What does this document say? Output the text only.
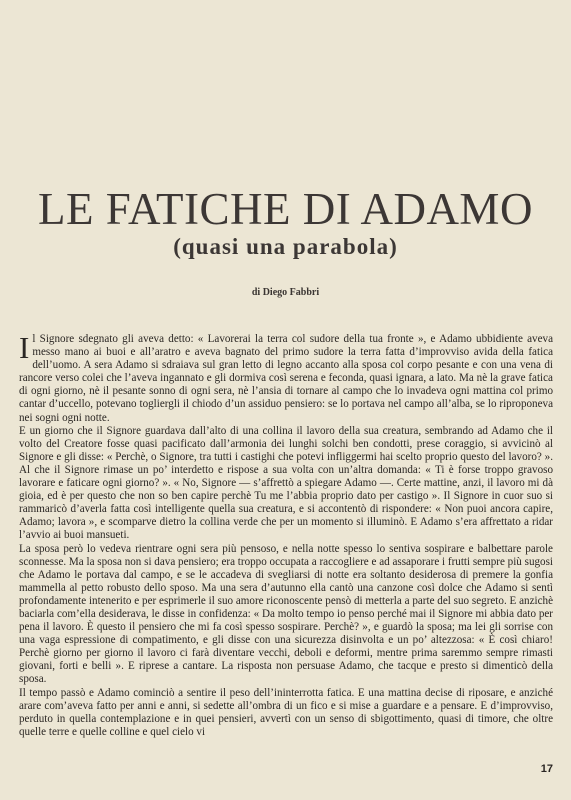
LE FATICHE DI ADAMO
(quasi una parabola)
di Diego Fabbri

Il Signore sdegnato gli aveva detto: « Lavorerai la terra col sudore della tua fronte », e Adamo ubbidiente aveva messo mano ai buoi e all’aratro e aveva bagnato del primo sudore la terra fatta d’improvviso avida della fatica dell’uomo. A sera Adamo si sdraiava sul gran letto di legno accanto alla sposa col corpo pesante e con una vena di rancore verso colei che l’aveva ingannato e gli dormiva così serena e feconda, quasi ignara, a lato. Ma nè la grave fatica di ogni giorno, nè il pesante sonno di ogni sera, nè l’ansia di tornare al campo che lo invadeva ogni mattina col primo cantar d’uccello, potevano togliergli il chiodo d’un assiduo pensiero: se lo portava nel campo all’alba, se lo riproponeva nei sogni ogni notte.

E un giorno che il Signore guardava dall’alto di una collina il lavoro della sua creatura, sembrando ad Adamo che il volto del Creatore fosse quasi pacificato dall’armonia dei lunghi solchi ben condotti, prese coraggio, si avvicinò al Signore e gli disse: « Perchè, o Signore, tra tutti i castighi che potevi infliggermi hai scelto proprio questo del lavoro? ». Al che il Signore rimase un po’ interdetto e rispose a sua volta con un’altra domanda: « Ti è forse troppo gravoso lavorare e faticare ogni giorno? ». « No, Signore — s’affrettò a spiegare Adamo —. Certe mattine, anzi, il lavoro mi dà gioia, ed è per questo che non so ben capire perchè Tu me l’abbia proprio dato per castigo ». Il Signore in cuor suo si rammaricò d’averla fatta così intelligente quella sua creatura, e si accontentò di rispondere: « Non puoi ancora capire, Adamo; lavora », e scomparve dietro la collina verde che per un momento si illuminò. E Adamo s’era affrettato a ridar l’avvio ai buoi mansueti.

La sposa però lo vedeva rientrare ogni sera più pensoso, e nella notte spesso lo sentiva sospirare e balbettare parole sconnesse. Ma la sposa non si dava pensiero; era troppo occupata a raccogliere e ad assaporare i frutti sempre più sugosi che Adamo le portava dal campo, e se le accadeva di svegliarsi di notte era soltanto desiderosa di premere la gonfia mammella al petto robusto dello sposo. Ma una sera d’autunno ella cantò una canzone così dolce che Adamo si sentì profondamente intenerito e per esprimerle il suo amore riconoscente pensò di metterla a parte del suo segreto. E anzichè baciarla com’ella desiderava, le disse in confidenza: « Da molto tempo io penso perché mai il Signore mi abbia dato per pena il lavoro. È questo il pensiero che mi fa così spesso sospirare. Perchè? », e guardò la sposa; ma lei gli sorrise con una vaga espressione di compatimento, e gli disse con una sicurezza disinvolta e un po’ altezzosa: « È così chiaro! Perchè giorno per giorno il lavoro ci farà diventare vecchi, deboli e deformi, mentre prima saremmo sempre rimasti giovani, forti e belli ». E riprese a cantare. La risposta non persuase Adamo, che tacque e presto si dimenticò della sposa.

Il tempo passò e Adamo cominciò a sentire il peso dell’ininterrotta fatica. E una mattina decise di riposare, e anziché arare com’aveva fatto per anni e anni, si sedette all’ombra di un fico e si mise a guardare e a pensare. E d’improvviso, perduto in quella contemplazione e in quei pensieri, avvertì con un senso di sbigottimento, quasi di timore, che oltre quelle terre e quelle colline e quel cielo vi

17
